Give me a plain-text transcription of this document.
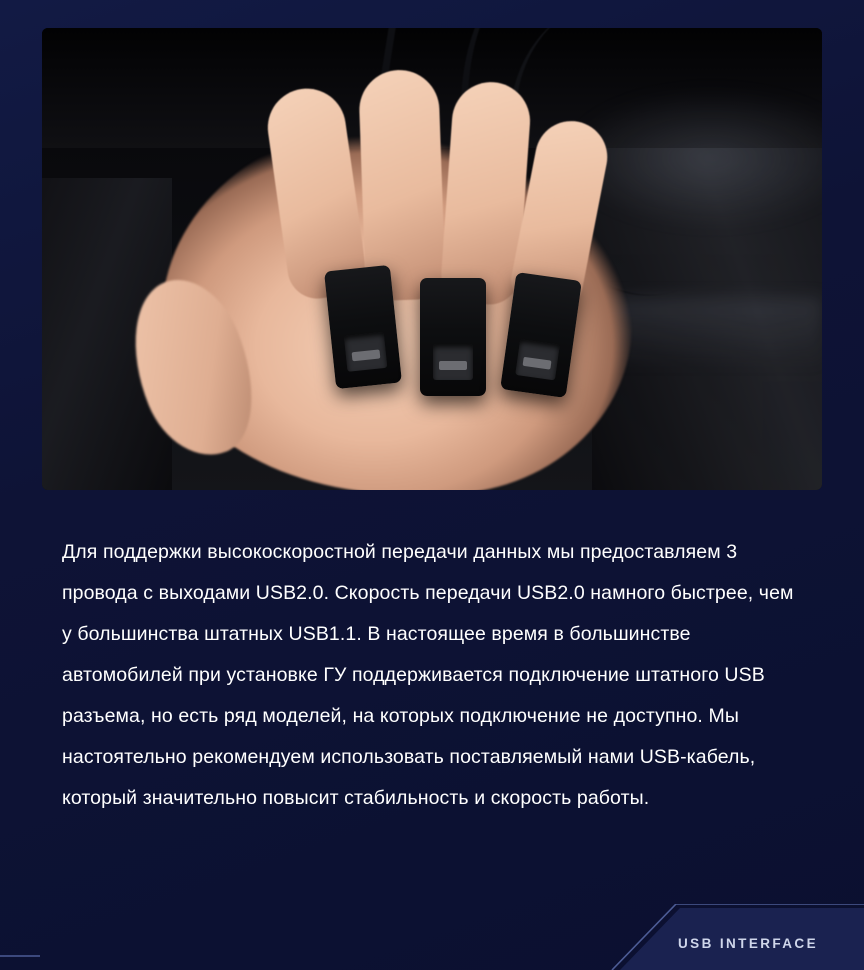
Для поддержки высокоскоростной передачи данных мы предоставляем 3 провода с выходами USB2.0. Скорость передачи USB2.0 намного быстрее, чем у большинства штатных USB1.1. В настоящее время в большинстве автомобилей при установке ГУ поддерживается подключение штатного USB разъема, но есть ряд моделей, на которых подключение не доступно. Мы настоятельно рекомендуем использовать поставляемый нами USB-кабель, который значительно повысит стабильность и скорость работы.

USB INTERFACE
